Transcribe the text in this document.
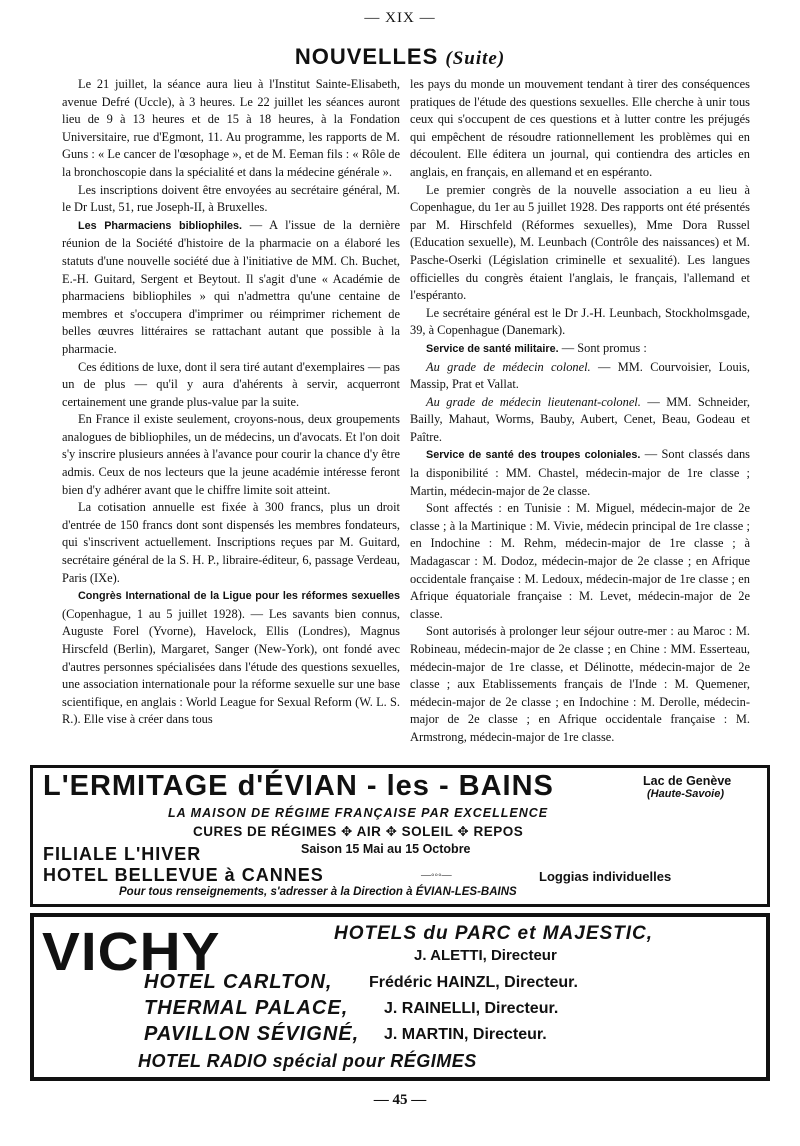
— XIX —
NOUVELLES (Suite)

Le 21 juillet, la séance aura lieu à l'Institut Sainte-Elisabeth, avenue Defré (Uccle), à 3 heures. Le 22 juillet les séances auront lieu de 9 à 13 heures et de 15 à 18 heures, à la Fondation Universitaire, rue d'Egmont, 11. Au programme, les rapports de M. Guns : « Le cancer de l'œsophage », et de M. Eeman fils : « Rôle de la bronchoscopie dans la spécialité et dans la médecine générale ».

Les inscriptions doivent être envoyées au secrétaire général, M. le Dr Lust, 51, rue Joseph-II, à Bruxelles.

Les Pharmaciens bibliophiles. — A l'issue de la dernière réunion de la Société d'histoire de la pharmacie on a élaboré les statuts d'une nouvelle société due à l'initiative de MM. Ch. Buchet, E.-H. Guitard, Sergent et Beytout. Il s'agit d'une « Académie de pharmaciens bibliophiles » qui n'admettra qu'une centaine de membres et s'occupera d'imprimer ou réimprimer richement de belles œuvres littéraires se rattachant autant que possible à la pharmacie.

Ces éditions de luxe, dont il sera tiré autant d'exemplaires — pas un de plus — qu'il y aura d'ahérents à servir, acquerront certainement une grande plus-value par la suite.

En France il existe seulement, croyons-nous, deux groupements analogues de bibliophiles, un de médecins, un d'avocats. Et l'on doit s'y inscrire plusieurs années à l'avance pour courir la chance d'y être admis. Ceux de nos lecteurs que la jeune académie intéresse feront bien d'y adhérer avant que le chiffre limite soit atteint.

La cotisation annuelle est fixée à 300 francs, plus un droit d'entrée de 150 francs dont sont dispensés les membres fondateurs, qui s'inscrivent actuellement. Inscriptions reçues par M. Guitard, secrétaire général de la S. H. P., libraire-éditeur, 6, passage Verdeau, Paris (IXe).

Congrès International de la Ligue pour les réformes sexuelles (Copenhague, 1 au 5 juillet 1928). — Les savants bien connus, Auguste Forel (Yvorne), Havelock, Ellis (Londres), Magnus Hirscfeld (Berlin), Margaret, Sanger (New-York), ont fondé avec d'autres personnes spécialisées dans l'étude des questions sexuelles, une association internationale pour la réforme sexuelle sur une base scientifique, en anglais : World League for Sexual Reform (W. L. S. R.). Elle vise à créer dans tous

les pays du monde un mouvement tendant à tirer des conséquences pratiques de l'étude des questions sexuelles. Elle cherche à unir tous ceux qui s'occupent de ces questions et à lutter contre les préjugés qui empêchent de résoudre rationnellement les problèmes qui en découlent. Elle éditera un journal, qui contiendra des articles en anglais, en français, en allemand et en espéranto.

Le premier congrès de la nouvelle association a eu lieu à Copenhague, du 1er au 5 juillet 1928. Des rapports ont été présentés par M. Hirschfeld (Réformes sexuelles), Mme Dora Russel (Education sexuelle), M. Leunbach (Contrôle des naissances) et M. Pasche-Oserki (Législation criminelle et sexualité). Les langues officielles du congrès étaient l'anglais, le français, l'allemand et l'espéranto.

Le secrétaire général est le Dr J.-H. Leunbach, Stockholmsgade, 39, à Copenhague (Danemark).

Service de santé militaire. — Sont promus :

Au grade de médecin colonel. — MM. Courvoisier, Louis, Massip, Prat et Vallat.

Au grade de médecin lieutenant-colonel. — MM. Schneider, Bailly, Mahaut, Worms, Bauby, Aubert, Cenet, Beau, Godeau et Paître.

Service de santé des troupes coloniales. — Sont classés dans la disponibilité : MM. Chastel, médecin-major de 1re classe ; Martin, médecin-major de 2e classe.

Sont affectés : en Tunisie : M. Miguel, médecin-major de 2e classe ; à la Martinique : M. Vivie, médecin principal de 1re classe ; en Indochine : M. Rehm, médecin-major de 1re classe ; à Madagascar : M. Dodoz, médecin-major de 2e classe ; en Afrique occidentale française : M. Ledoux, médecin-major de 1re classe ; en Afrique équatoriale française : M. Levet, médecin-major de 2e classe.

Sont autorisés à prolonger leur séjour outre-mer : au Maroc : M. Robineau, médecin-major de 2e classe ; en Chine : MM. Esserteau, médecin-major de 1re classe, et Délinotte, médecin-major de 2e classe ; aux Etablissements français de l'Inde : M. Quemener, médecin-major de 2e classe ; en Indochine : M. Derolle, médecin-major de 2e classe ; en Afrique occidentale française : M. Armstrong, médecin-major de 1re classe.

L'ERMITAGE d'ÉVIAN - les - BAINS	Lac de Genève
(Haute-Savoie)
LA MAISON DE RÉGIME FRANÇAISE PAR EXCELLENCE
CURES DE RÉGIMES ✥ AIR ✥ SOLEIL ✥ REPOS
FILIALE L'HIVER	Saison 15 Mai au 15 Octobre
HOTEL BELLEVUE à CANNES	—◦◦◦—	Loggias individuelles
Pour tous renseignements, s'adresser à la Direction à ÉVIAN-LES-BAINS
VICHY	HOTELS du PARC et MAJESTIC,
J. ALETTI, Directeur
HOTEL CARLTON, Frédéric HAINZL, Directeur.
THERMAL PALACE, J. RAINELLI, Directeur.
PAVILLON SÉVIGNÉ, J. MARTIN, Directeur.
HOTEL RADIO spécial pour RÉGIMES
— 45 —
